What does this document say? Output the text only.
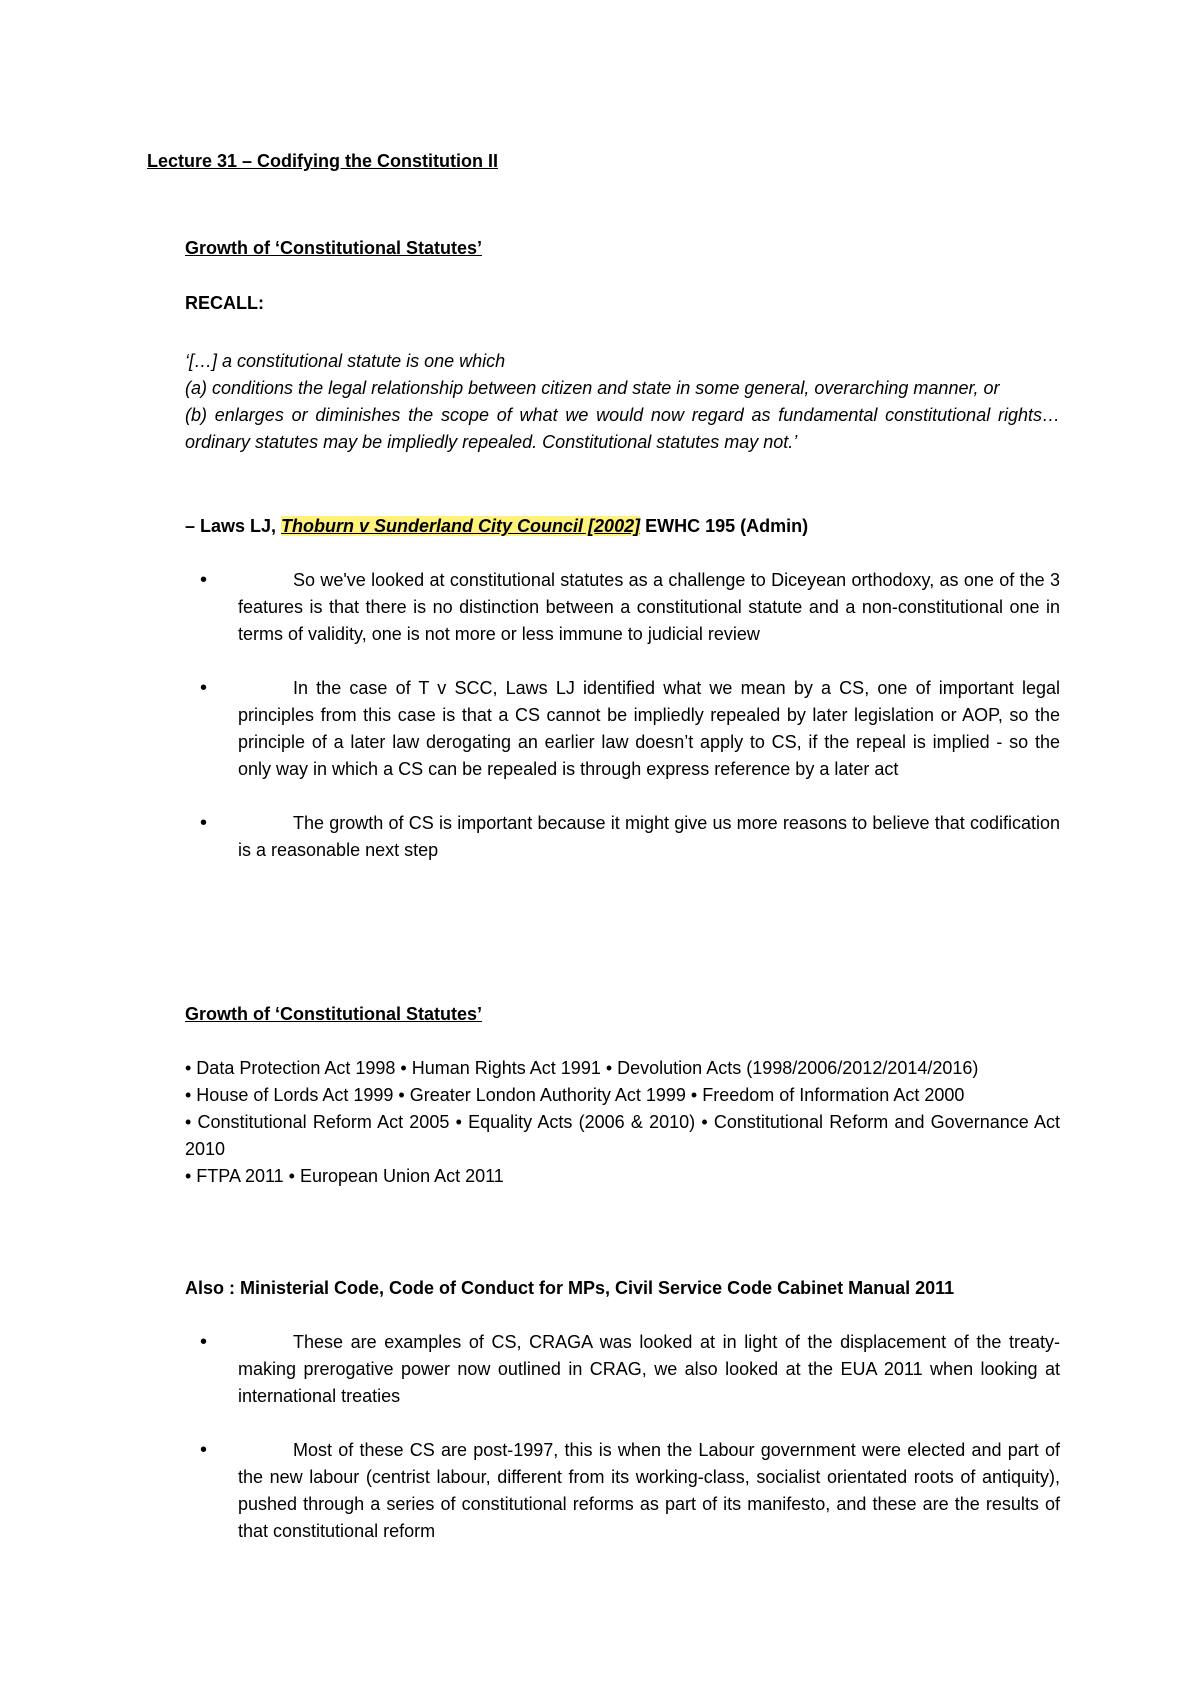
Lecture 31 – Codifying the Constitution II
Growth of ‘Constitutional Statutes’

RECALL:

‘[…] a constitutional statute is one which

(a) conditions the legal relationship between citizen and state in some general, overarching manner, or

(b) enlarges or diminishes the scope of what we would now regard as fundamental constitutional rights…ordinary statutes may be impliedly repealed. Constitutional statutes may not.’

– Laws LJ, Thoburn v Sunderland City Council [2002] EWHC 195 (Admin)

•	So we've looked at constitutional statutes as a challenge to Diceyean orthodoxy, as one of the 3 features is that there is no distinction between a constitutional statute and a non-constitutional one in terms of validity, one is not more or less immune to judicial review
•	In the case of T v SCC, Laws LJ identified what we mean by a CS, one of important legal principles from this case is that a CS cannot be impliedly repealed by later legislation or AOP, so the principle of a later law derogating an earlier law doesn’t apply to CS, if the repeal is implied - so the only way in which a CS can be repealed is through express reference by a later act
•	The growth of CS is important because it might give us more reasons to believe that codification is a reasonable next step
Growth of ‘Constitutional Statutes’

• Data Protection Act 1998 • Human Rights Act 1991 • Devolution Acts (1998/2006/2012/2014/2016)

• House of Lords Act 1999 • Greater London Authority Act 1999 • Freedom of Information Act 2000

• Constitutional Reform Act 2005 • Equality Acts (2006 & 2010) • Constitutional Reform and Governance Act 2010

• FTPA 2011 • European Union Act 2011

Also : Ministerial Code, Code of Conduct for MPs, Civil Service Code Cabinet Manual 2011

•	These are examples of CS, CRAGA was looked at in light of the displacement of the treaty-making prerogative power now outlined in CRAG, we also looked at the EUA 2011 when looking at international treaties
•	Most of these CS are post-1997, this is when the Labour government were elected and part of the new labour (centrist labour, different from its working-class, socialist orientated roots of antiquity), pushed through a series of constitutional reforms as part of its manifesto, and these are the results of that constitutional reform
